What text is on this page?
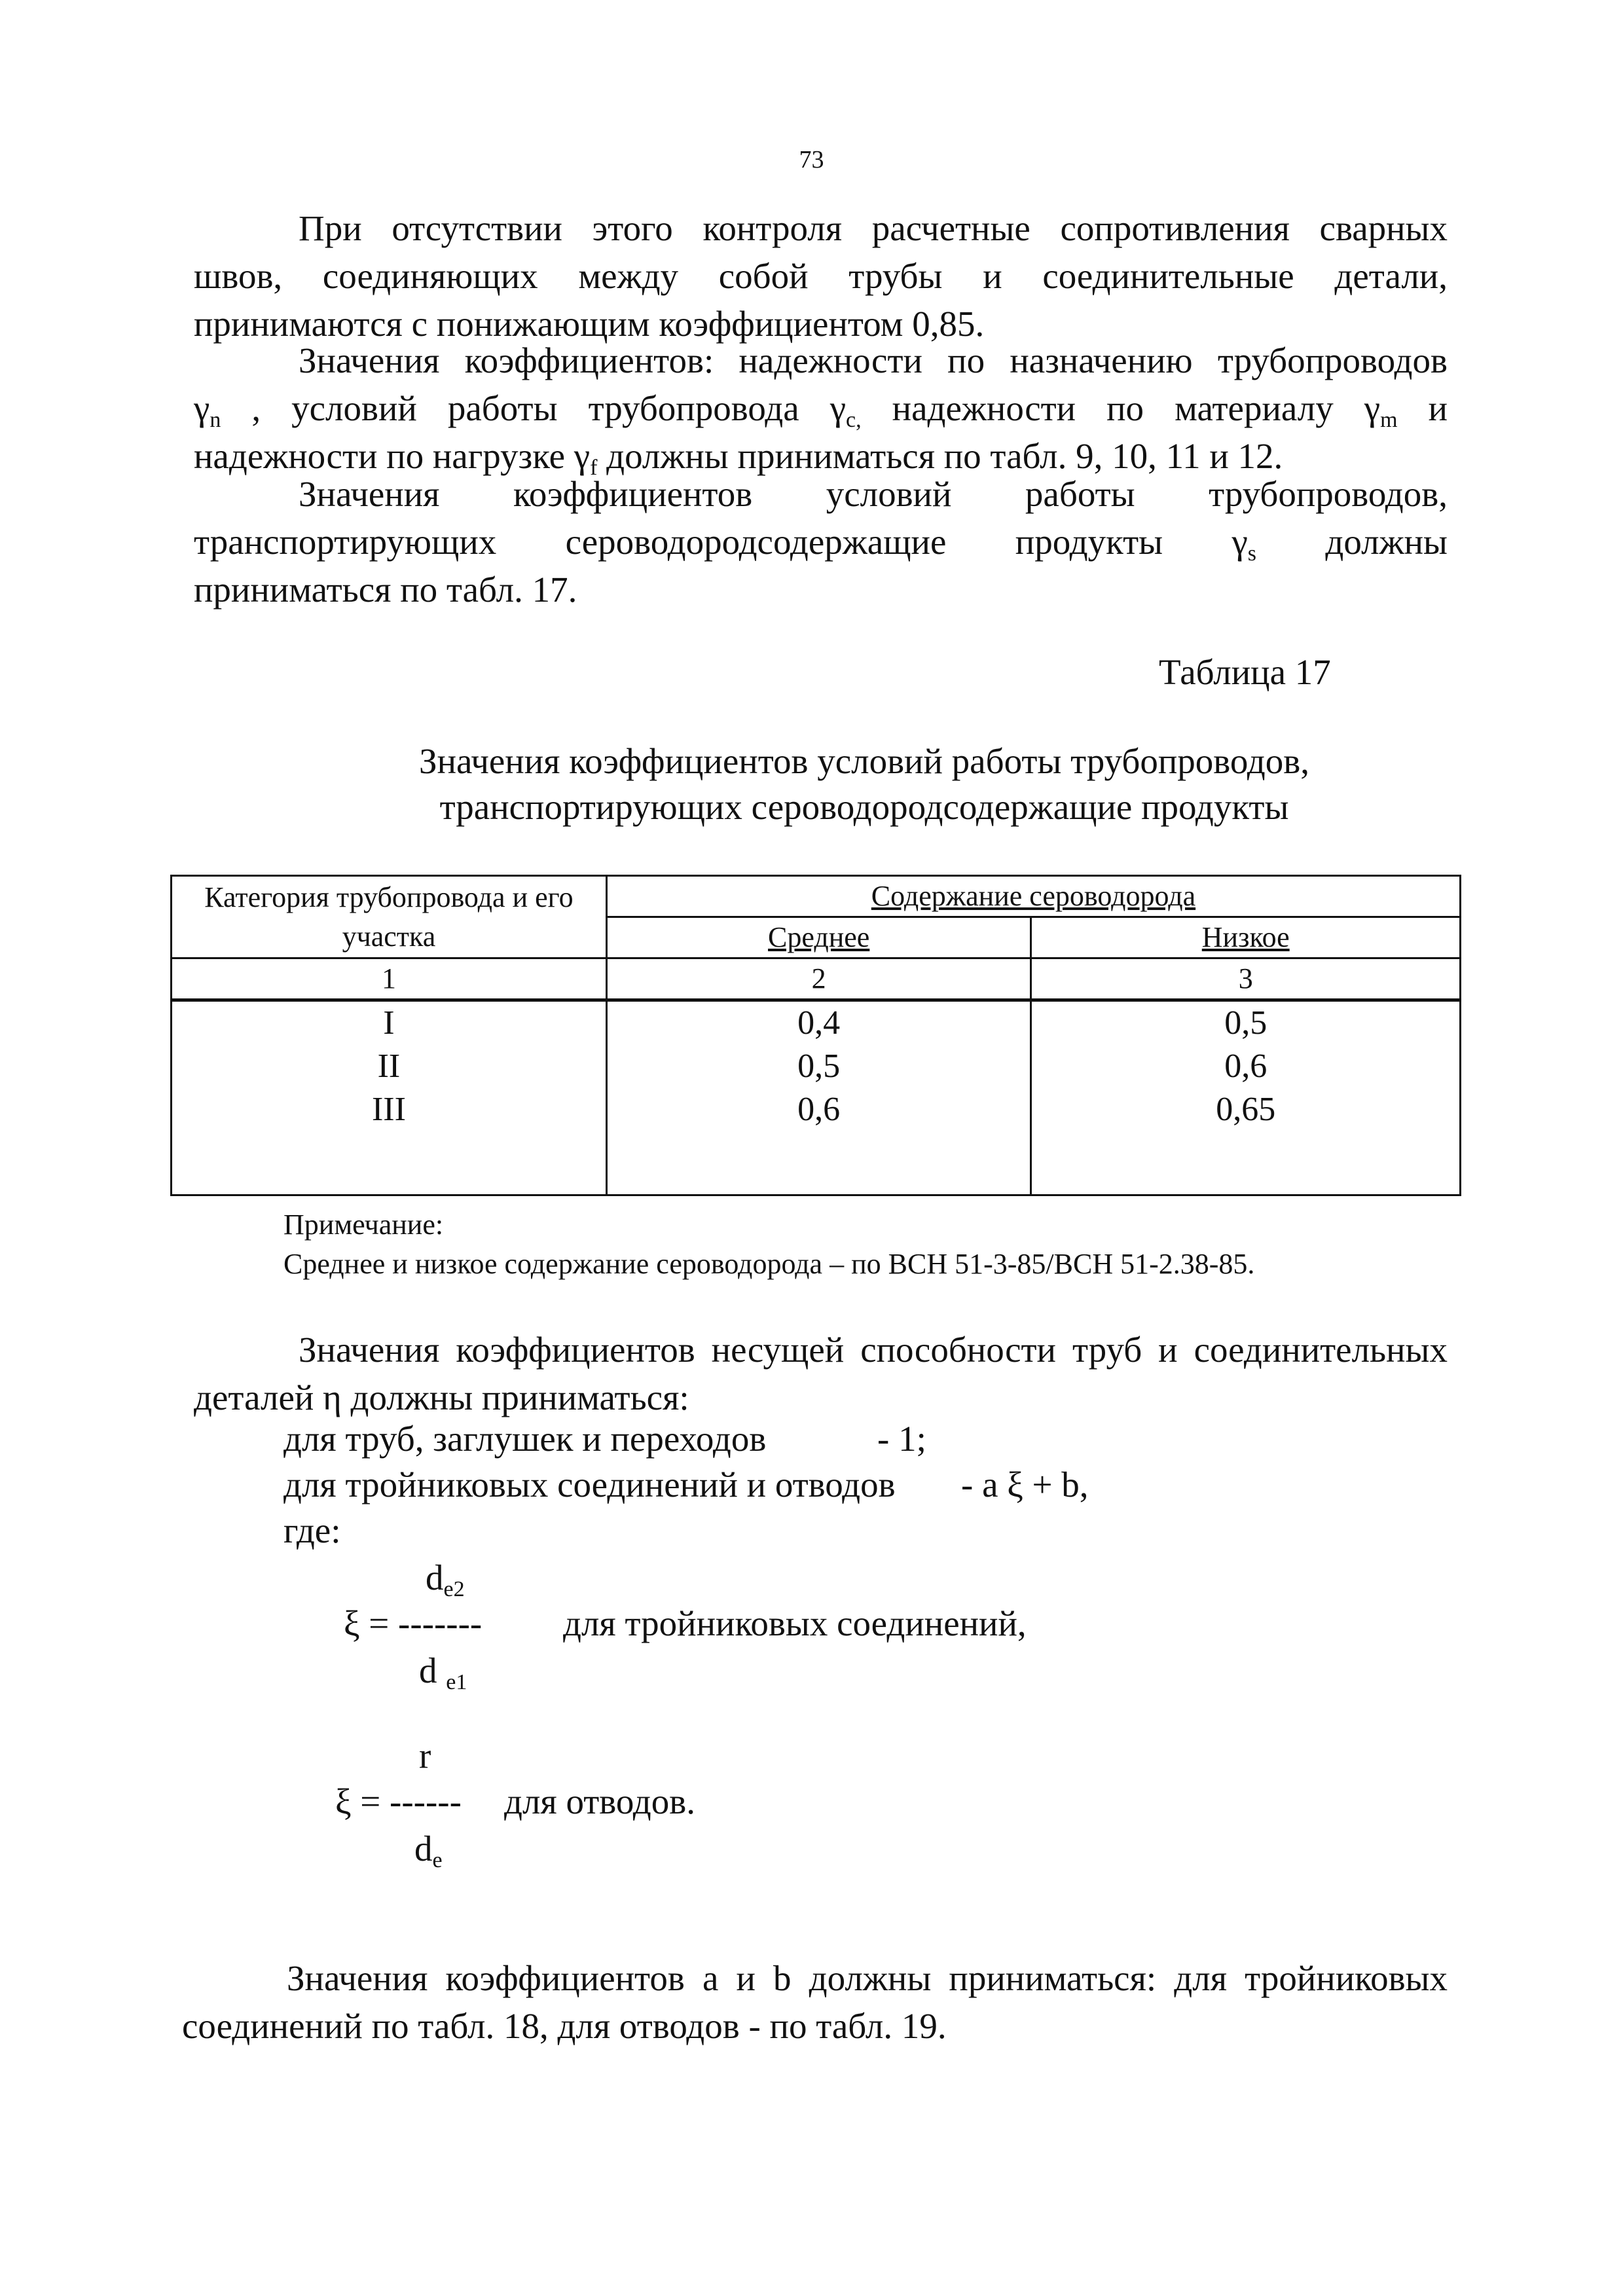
73
При отсутствии этого контроля расчетные сопротивления сварных
швов, соединяющих между собой трубы и соединительные детали,
принимаются с понижающим коэффициентом 0,85.
Значения коэффициентов: надежности по назначению трубопроводов
$\gamma_n$ , условий работы трубопровода $\gamma_{c,}$ надежности по материалу $\gamma_m$ и
надежности по нагрузке $\gamma_f$ должны приниматься по табл. 9, 10, 11 и 12.
Значения коэффициентов условий работы трубопроводов,
транспортирующих сероводородсодержащие продукты $\gamma_s$ должны
приниматься по табл. 17.
Таблица 17
Значения коэффициентов условий работы трубопроводов,
транспортирующих сероводородсодержащие продукты
Категория трубопровода и его участка	Содержание сероводорода	
	Среднее	Низкое
1	2	3
I	0,4	0,5
II	0,5	0,6
III	0,6	0,65

Примечание:
Среднее и низкое содержание сероводорода – по ВСН 51-3-85/ВСН 51-2.38-85.
Значения коэффициентов несущей способности труб и соединительных
деталей η должны приниматься:
для труб, заглушек и переходов	- 1;
для тройниковых соединений и отводов - a ξ + b,
где:
$d_{e2}$
ξ = ------- для тройниковых соединений,
d $_{e1}$
r
ξ = ------ для отводов.
$d_e$
Значения коэффициентов a и b должны приниматься: для тройниковых
соединений по табл. 18, для отводов - по табл. 19.
